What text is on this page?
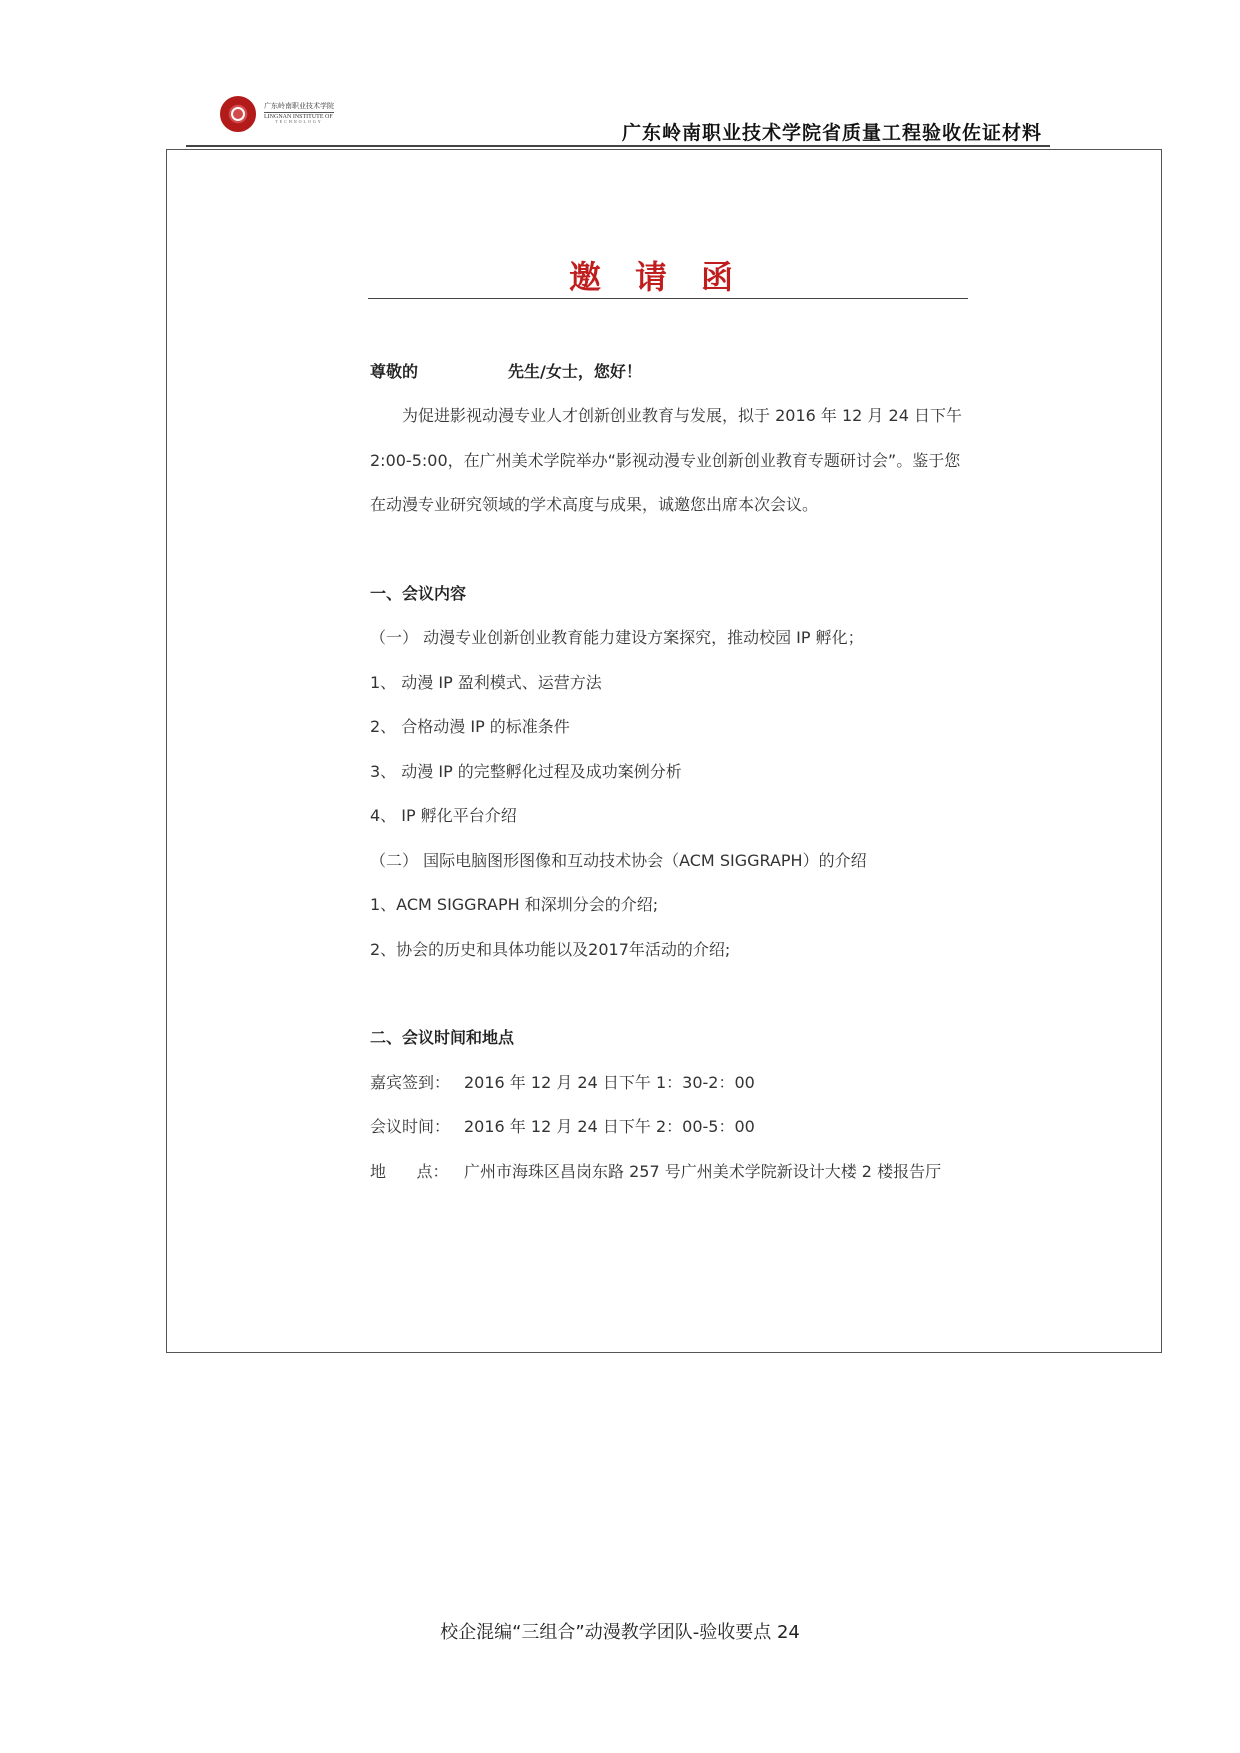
广东岭南职业技术学院
LINGNAN INSTITUTE OF
TECHNOLOGY
广东岭南职业技术学院省质量工程验收佐证材料
邀请函

尊敬的	先生/女士，您好！

为促进影视动漫专业人才创新创业教育与发展，拟于 2016 年 12 月 24 日下午 2:00-5:00，在广州美术学院举办“影视动漫专业创新创业教育专题研讨会”。鉴于您在动漫专业研究领域的学术高度与成果，诚邀您出席本次会议。

一、会议内容

（一） 动漫专业创新创业教育能力建设方案探究，推动校园 IP 孵化；

1、 动漫 IP 盈利模式、运营方法

2、 合格动漫 IP 的标准条件

3、 动漫 IP 的完整孵化过程及成功案例分析

4、 IP 孵化平台介绍

（二） 国际电脑图形图像和互动技术协会（ACM SIGGRAPH）的介绍

1、ACM SIGGRAPH 和深圳分会的介绍;

2、协会的历史和具体功能以及2017年活动的介绍;

二、会议时间和地点

嘉宾签到： 2016 年 12 月 24 日下午 1：30-2：00

会议时间： 2016 年 12 月 24 日下午 2：00-5：00

地      点： 广州市海珠区昌岗东路 257 号广州美术学院新设计大楼 2 楼报告厅

校企混编“三组合”动漫教学团队-验收要点 24
